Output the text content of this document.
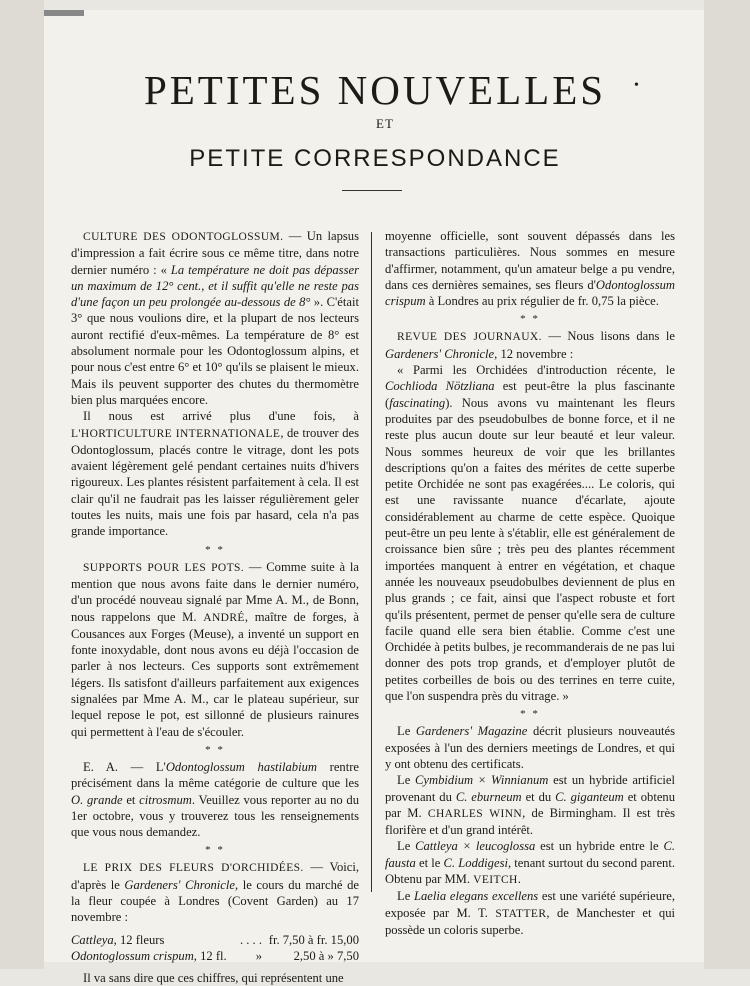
•
PETITES NOUVELLES
ET
PETITE CORRESPONDANCE

CULTURE DES ODONTOGLOSSUM. — Un lapsus d'impression a fait écrire sous ce même titre, dans notre dernier numéro : « La température ne doit pas dépasser un maximum de 12° cent., et il suffit qu'elle ne reste pas d'une façon un peu prolongée au-dessous de 8° ». C'était 3° que nous voulions dire, et la plupart de nos lecteurs auront rectifié d'eux-mêmes. La température de 8° est absolument normale pour les Odontoglossum alpins, et pour nous c'est entre 6° et 10° qu'ils se plaisent le mieux. Mais ils peuvent supporter des chutes du thermomètre bien plus marquées encore.

Il nous est arrivé plus d'une fois, à L'HORTICULTURE INTERNATIONALE, de trouver des Odontoglossum, placés contre le vitrage, dont les pots avaient légèrement gelé pendant certaines nuits d'hivers rigoureux. Les plantes résistent parfaitement à cela. Il est clair qu'il ne faudrait pas les laisser régulièrement geler toutes les nuits, mais une fois par hasard, cela n'a pas grande importance.

* *

SUPPORTS POUR LES POTS. — Comme suite à la mention que nous avons faite dans le dernier numéro, d'un procédé nouveau signalé par Mme A. M., de Bonn, nous rappelons que M. ANDRÉ, maître de forges, à Cousances aux Forges (Meuse), a inventé un support en fonte inoxydable, dont nous avons eu déjà l'occasion de parler à nos lecteurs. Ces supports sont extrêmement légers. Ils satisfont d'ailleurs parfaitement aux exigences signalées par Mme A. M., car le plateau supérieur, sur lequel repose le pot, est sillonné de plusieurs rainures qui permettent à l'eau de s'écouler.

* *

E. A. — L'Odontoglossum hastilabium rentre précisément dans la même catégorie de culture que les O. grande et citrosmum. Veuillez vous reporter au no du 1er octobre, vous y trouverez tous les renseignements que vous nous demandez.

* *

LE PRIX DES FLEURS D'ORCHIDÉES. — Voici, d'après le Gardeners' Chronicle, le cours du marché de la fleur coupée à Londres (Covent Garden) au 17 novembre :

Cattleya, 12 fleurs	. . . .	fr. 7,50 à fr. 15,00
Odontoglossum crispum, 12 fl.	»	2,50 à » 7,50

Il va sans dire que ces chiffres, qui représentent une

moyenne officielle, sont souvent dépassés dans les transactions particulières. Nous sommes en mesure d'affirmer, notamment, qu'un amateur belge a pu vendre, dans ces dernières semaines, ses fleurs d'Odontoglossum crispum à Londres au prix régulier de fr. 0,75 la pièce.

* *

REVUE DES JOURNAUX. — Nous lisons dans le Gardeners' Chronicle, 12 novembre :

« Parmi les Orchidées d'introduction récente, le Cochlioda Nötzliana est peut-être la plus fascinante (fascinating). Nous avons vu maintenant les fleurs produites par des pseudobulbes de bonne force, et il ne reste plus aucun doute sur leur beauté et leur valeur. Nous sommes heureux de voir que les brillantes descriptions qu'on a faites des mérites de cette superbe petite Orchidée ne sont pas exagérées.... Le coloris, qui est une ravissante nuance d'écarlate, ajoute considérablement au charme de cette espèce. Quoique peut-être un peu lente à s'établir, elle est généralement de croissance bien sûre ; très peu des plantes récemment importées manquent à entrer en végétation, et chaque année les nouveaux pseudobulbes deviennent de plus en plus grands ; ce fait, ainsi que l'aspect robuste et fort qu'ils présentent, permet de penser qu'elle sera de culture facile quand elle sera bien établie. Comme c'est une Orchidée à petits bulbes, je recommanderais de ne pas lui donner des pots trop grands, et d'employer plutôt de petites corbeilles de bois ou des terrines en terre cuite, que l'on suspendra près du vitrage. »

* *

Le Gardeners' Magazine décrit plusieurs nouveautés exposées à l'un des derniers meetings de Londres, et qui y ont obtenu des certificats.

Le Cymbidium × Winnianum est un hybride artificiel provenant du C. eburneum et du C. giganteum et obtenu par M. CHARLES WINN, de Birmingham. Il est très florifère et d'un grand intérêt.

Le Cattleya × leucoglossa est un hybride entre le C. fausta et le C. Loddigesi, tenant surtout du second parent. Obtenu par MM. VEITCH.

Le Laelia elegans excellens est une variété supérieure, exposée par M. T. STATTER, de Manchester et qui possède un coloris superbe.
